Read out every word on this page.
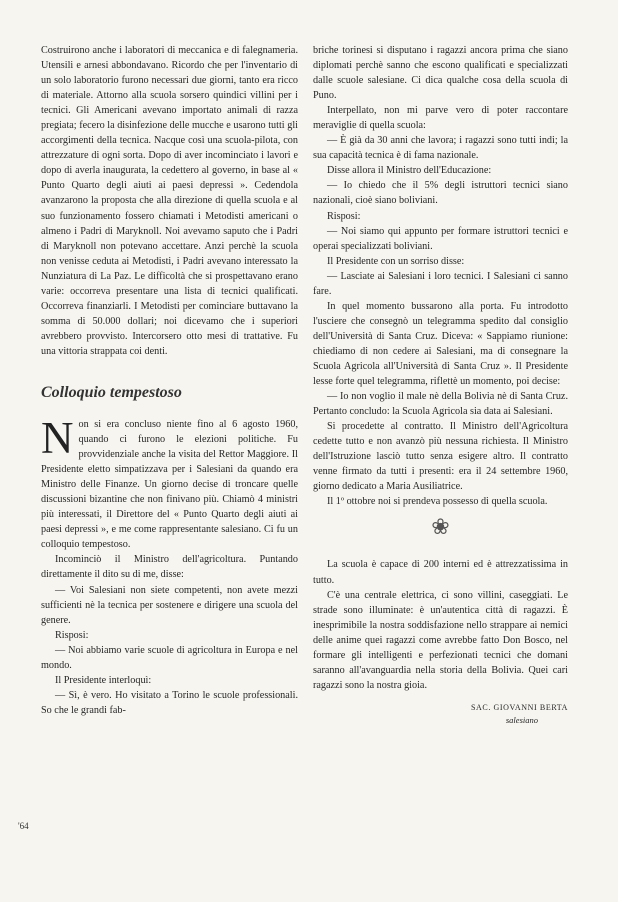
Costruirono anche i laboratori di meccanica e di falegnameria. Utensili e arnesi abbondavano. Ricordo che per l'inventario di un solo laboratorio furono necessari due giorni, tanto era ricco di materiale. Attorno alla scuola sorsero quindici villini per i tecnici. Gli Americani avevano importato animali di razza pregiata; fecero la disinfezione delle mucche e usarono tutti gli accorgimenti della tecnica. Nacque così una scuola-pilota, con attrezzature di ogni sorta. Dopo di aver incominciato i lavori e dopo di averla inaugurata, la cedettero al governo, in base al « Punto Quarto degli aiuti ai paesi depressi ». Cedendola avanzarono la proposta che alla direzione di quella scuola e al suo funzionamento fossero chiamati i Metodisti americani o almeno i Padri di Maryknoll. Noi avevamo saputo che i Padri di Maryknoll non potevano accettare. Anzi perchè la scuola non venisse ceduta ai Metodisti, i Padri avevano interessato la Nunziatura di La Paz. Le difficoltà che si prospettavano erano varie: occorreva presentare una lista di tecnici qualificati. Occorreva finanziarli. I Metodisti per cominciare buttavano la somma di 50.000 dollari; noi dicevamo che i superiori avrebbero provvisto. Intercorsero otto mesi di trattative. Fu una vittoria strappata coi denti.

Colloquio tempestoso

Non si era concluso niente fino al 6 agosto 1960, quando ci furono le elezioni politiche. Fu provvidenziale anche la visita del Rettor Maggiore. Il Presidente eletto simpatizzava per i Salesiani da quando era Ministro delle Finanze. Un giorno decise di troncare quelle discussioni bizantine che non finivano più. Chiamò 4 ministri più interessati, il Direttore del « Punto Quarto degli aiuti ai paesi depressi », e me come rappresentante salesiano. Ci fu un colloquio tempestoso.

Incominciò il Ministro dell'agricoltura. Puntando direttamente il dito su di me, disse:

— Voi Salesiani non siete competenti, non avete mezzi sufficienti nè la tecnica per sostenere e dirigere una scuola del genere.

Risposi:

— Noi abbiamo varie scuole di agricoltura in Europa e nel mondo.

Il Presidente interloquì:

— Sì, è vero. Ho visitato a Torino le scuole professionali. So che le grandi fab-

briche torinesi si disputano i ragazzi ancora prima che siano diplomati perchè sanno che escono qualificati e specializzati dalle scuole salesiane. Ci dica qualche cosa della scuola di Puno.

Interpellato, non mi parve vero di poter raccontare meraviglie di quella scuola:

— È già da 30 anni che lavora; i ragazzi sono tutti indi; la sua capacità tecnica è di fama nazionale.

Disse allora il Ministro dell'Educazione:

— Io chiedo che il 5% degli istruttori tecnici siano nazionali, cioè siano boliviani.

Risposi:

— Noi siamo qui appunto per formare istruttori tecnici e operai specializzati boliviani.

Il Presidente con un sorriso disse:

— Lasciate ai Salesiani i loro tecnici. I Salesiani ci sanno fare.

In quel momento bussarono alla porta. Fu introdotto l'usciere che consegnò un telegramma spedito dal consiglio dell'Università di Santa Cruz. Diceva: « Sappiamo riunione: chiediamo di non cedere ai Salesiani, ma di consegnare la Scuola Agricola all'Università di Santa Cruz ». Il Presidente lesse forte quel telegramma, riflettè un momento, poi decise:

— Io non voglio il male nè della Bolivia nè di Santa Cruz. Pertanto concludo: la Scuola Agricola sia data ai Salesiani.

Si procedette al contratto. Il Ministro dell'Agricoltura cedette tutto e non avanzò più nessuna richiesta. Il Ministro dell'Istruzione lasciò tutto senza esigere altro. Il contratto venne firmato da tutti i presenti: era il 24 settembre 1960, giorno dedicato a Maria Ausiliatrice.

Il 1º ottobre noi si prendeva possesso di quella scuola.

❀

La scuola è capace di 200 interni ed è attrezzatissima in tutto.

C'è una centrale elettrica, ci sono villini, caseggiati. Le strade sono illuminate: è un'autentica città di ragazzi. È inesprimibile la nostra soddisfazione nello strappare ai nemici delle anime quei ragazzi come avrebbe fatto Don Bosco, nel formare gli intelligenti e perfezionati tecnici che domani saranno all'avanguardia nella storia della Bolivia. Quei cari ragazzi sono la nostra gioia.

SAC. GIOVANNI BERTA
salesiano
'64
